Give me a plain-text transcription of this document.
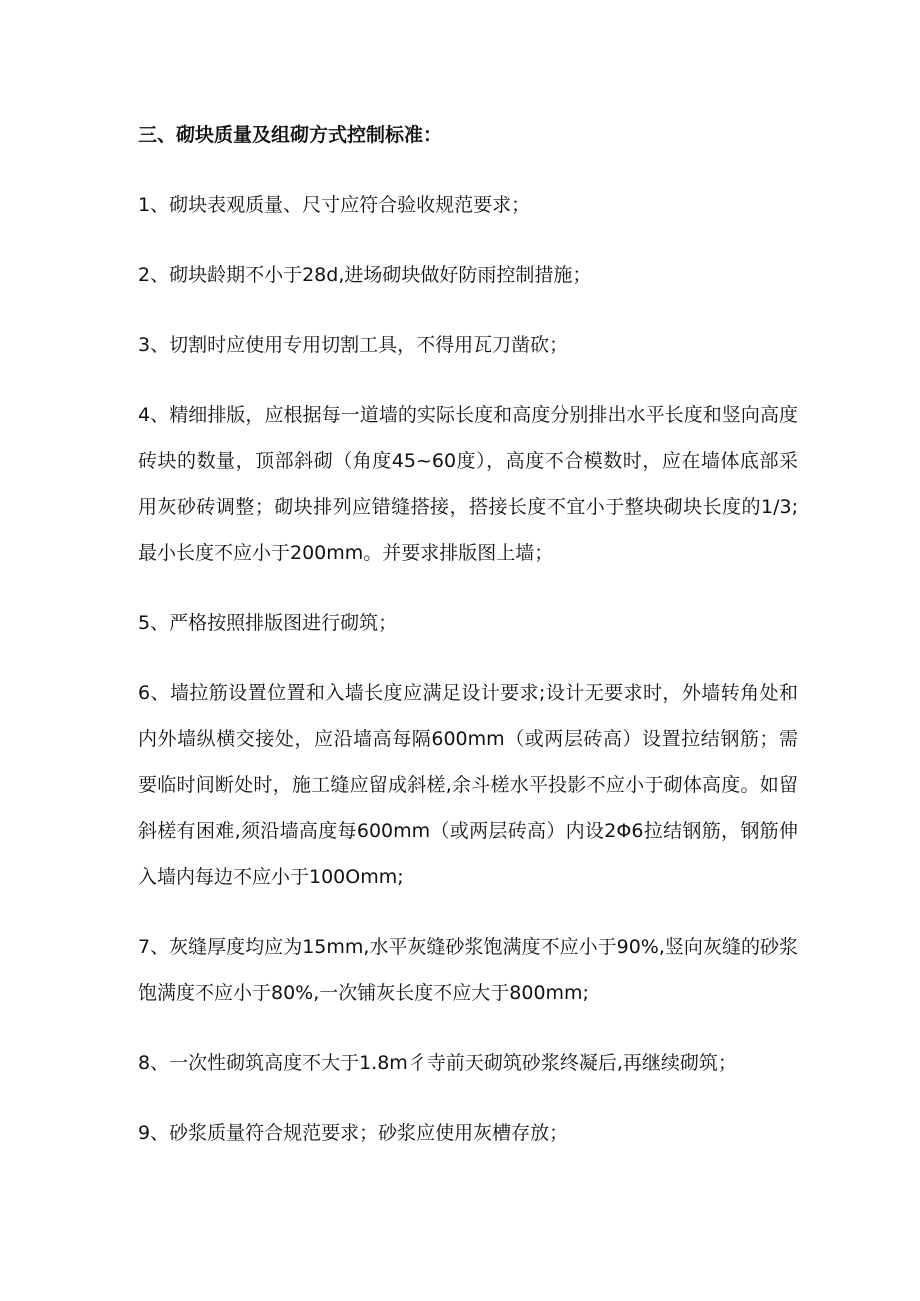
三、砌块质量及组砌方式控制标准：

1、砌块表观质量、尺寸应符合验收规范要求；

2、砌块龄期不小于28d,进场砌块做好防雨控制措施；

3、切割时应使用专用切割工具，不得用瓦刀凿砍；

4、精细排版，应根据每一道墙的实际长度和高度分别排出水平长度和竖向高度砖块的数量，顶部斜砌（角度45~60度），高度不合模数时，应在墙体底部采用灰砂砖调整；砌块排列应错缝搭接，搭接长度不宜小于整块砌块长度的1/3;最小长度不应小于200mm。并要求排版图上墙；

5、严格按照排版图进行砌筑；

6、墙拉筋设置位置和入墙长度应满足设计要求;设计无要求时，外墙转角处和内外墙纵横交接处，应沿墙高每隔600mm（或两层砖高）设置拉结钢筋；需要临时间断处时，施工缝应留成斜槎,余斗槎水平投影不应小于砌体高度。如留斜槎有困难,须沿墙高度每600mm（或两层砖高）内设2Φ6拉结钢筋，钢筋伸入墙内每边不应小于100Omm;

7、灰缝厚度均应为15mm,水平灰缝砂浆饱满度不应小于90%,竖向灰缝的砂浆饱满度不应小于80%,一次铺灰长度不应大于800mm;

8、一次性砌筑高度不大于1.8m彳寺前天砌筑砂浆终凝后,再继续砌筑；

9、砂浆质量符合规范要求；砂浆应使用灰槽存放；
